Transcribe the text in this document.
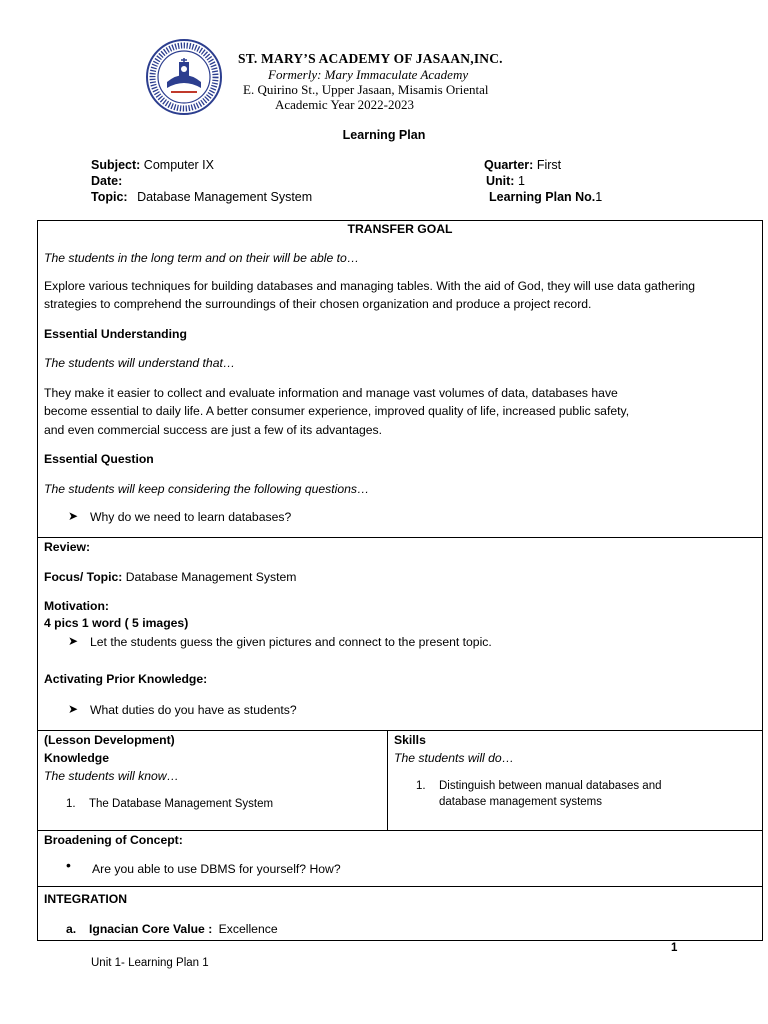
ST. MARY’S ACADEMY OF JASAAN,INC.
Formerly: Mary Immaculate Academy
E. Quirino St., Upper Jasaan, Misamis Oriental
Academic Year 2022-2023
Learning Plan
Subject: Computer IX
Date:
Topic: Database Management System
Quarter: First
Unit: 1
Learning Plan No.1
TRANSFER GOAL
The students in the long term and on their will be able to…
Explore various techniques for building databases and managing tables. With the aid of God, they will use data gathering
strategies to comprehend the surroundings of their chosen organization and produce a project record.
Essential Understanding
The students will understand that…
They make it easier to collect and evaluate information and manage vast volumes of data, databases have
become essential to daily life. A better consumer experience, improved quality of life, increased public safety,
and even commercial success are just a few of its advantages.
Essential Question
The students will keep considering the following questions…
➤ Why do we need to learn databases?
Review:
Focus/ Topic: Database Management System
Motivation:
4 pics 1 word ( 5 images)
➤ Let the students guess the given pictures and connect to the present topic.
Activating Prior Knowledge:
➤ What duties do you have as students?
(Lesson Development)
Knowledge
The students will know…
1. The Database Management System
Skills
The students will do…
1. Distinguish between manual databases and
database management systems
Broadening of Concept:
• Are you able to use DBMS for yourself? How?
INTEGRATION
a. Ignacian Core Value : Excellence
1
Unit 1- Learning Plan 1
